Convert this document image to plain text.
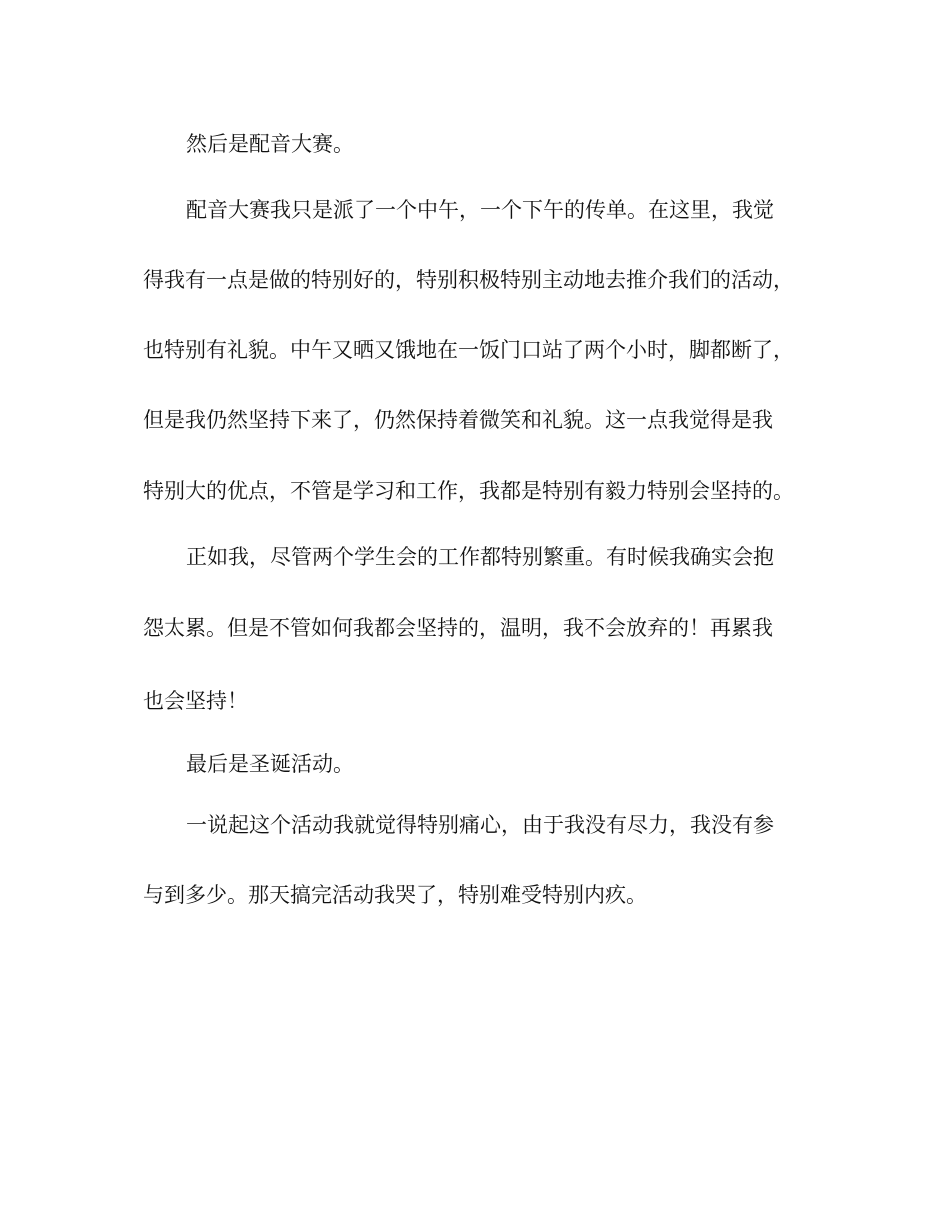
然后是配音大赛。

配音大赛我只是派了一个中午，一个下午的传单。在这里，我觉

得我有一点是做的特别好的，特别积极特别主动地去推介我们的活动，

也特别有礼貌。中午又晒又饿地在一饭门口站了两个小时，脚都断了，

但是我仍然坚持下来了，仍然保持着微笑和礼貌。这一点我觉得是我

特别大的优点，不管是学习和工作，我都是特别有毅力特别会坚持的。

正如我，尽管两个学生会的工作都特别繁重。有时候我确实会抱

怨太累。但是不管如何我都会坚持的，温明，我不会放弃的！再累我

也会坚持！

最后是圣诞活动。

一说起这个活动我就觉得特别痛心，由于我没有尽力，我没有参

与到多少。那天搞完活动我哭了，特别难受特别内疚。
